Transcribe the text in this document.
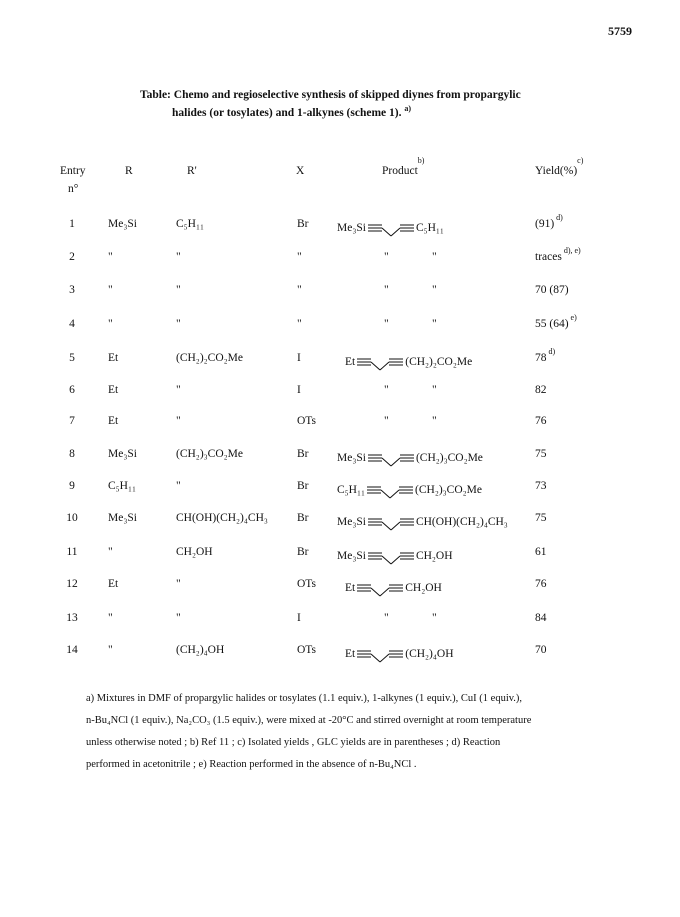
5759
Table: Chemo and regioselective synthesis of skipped diynes from propargylic
halides (or tosylates) and 1-alkynes (scheme 1). $^{a)}$
Entry
n°
R	R'	X	Product$^{b)}$
Yield(%)$^{c)}$
1	Me₃Si	C₅H₁₁	Br Me₃Si	C₅H₁₁	$(91)^{d)}$
2	"	"	"	"	"	traces$^{d), e)}$
3	"	"	"	"	"	70 (87)
4	"	"	"	"	"	55 $(64)^{e)}$
5	Et	(CH₂)₂CO₂Me	I	Et	(CH₂)₂CO₂Me	78$^{d)}$
6	Et	"	I	"	"	82
7	Et	"	OTs	"	"	76
8	Me₃Si	(CH₂)₃CO₂Me	Br Me₃Si	(CH₂)₃CO₂Me	75
9	C₅H₁₁	"	Br C₅H₁₁	(CH₂)₃CO₂Me	73
10	Me₃Si	CH(OH)(CH₂)₄CH₃	Br Me₃Si	CH(OH)(CH₂)₄CH₃ 75
11	"	CH₂OH	Br Me₃Si	CH₂OH	61
12	Et	"	OTs	Et	CH₂OH	76
13	"	"	I	"	"	84
14	"	(CH₂)₄OH	OTs	Et	(CH₂)₄OH	70
a) Mixtures in DMF of propargylic halides or tosylates (1.1 equiv.), 1-alkynes (1 equiv.), CuI (1 equiv.),
n-Bu₄NCl (1 equiv.), Na₂CO₃ (1.5 equiv.), were mixed at -20°C and stirred overnight at room temperature
unless otherwise noted ; b) Ref 11 ; c) Isolated yields , GLC yields are in parentheses ; d) Reaction
performed in acetonitrile ; e) Reaction performed in the absence of n-Bu₄NCl .
